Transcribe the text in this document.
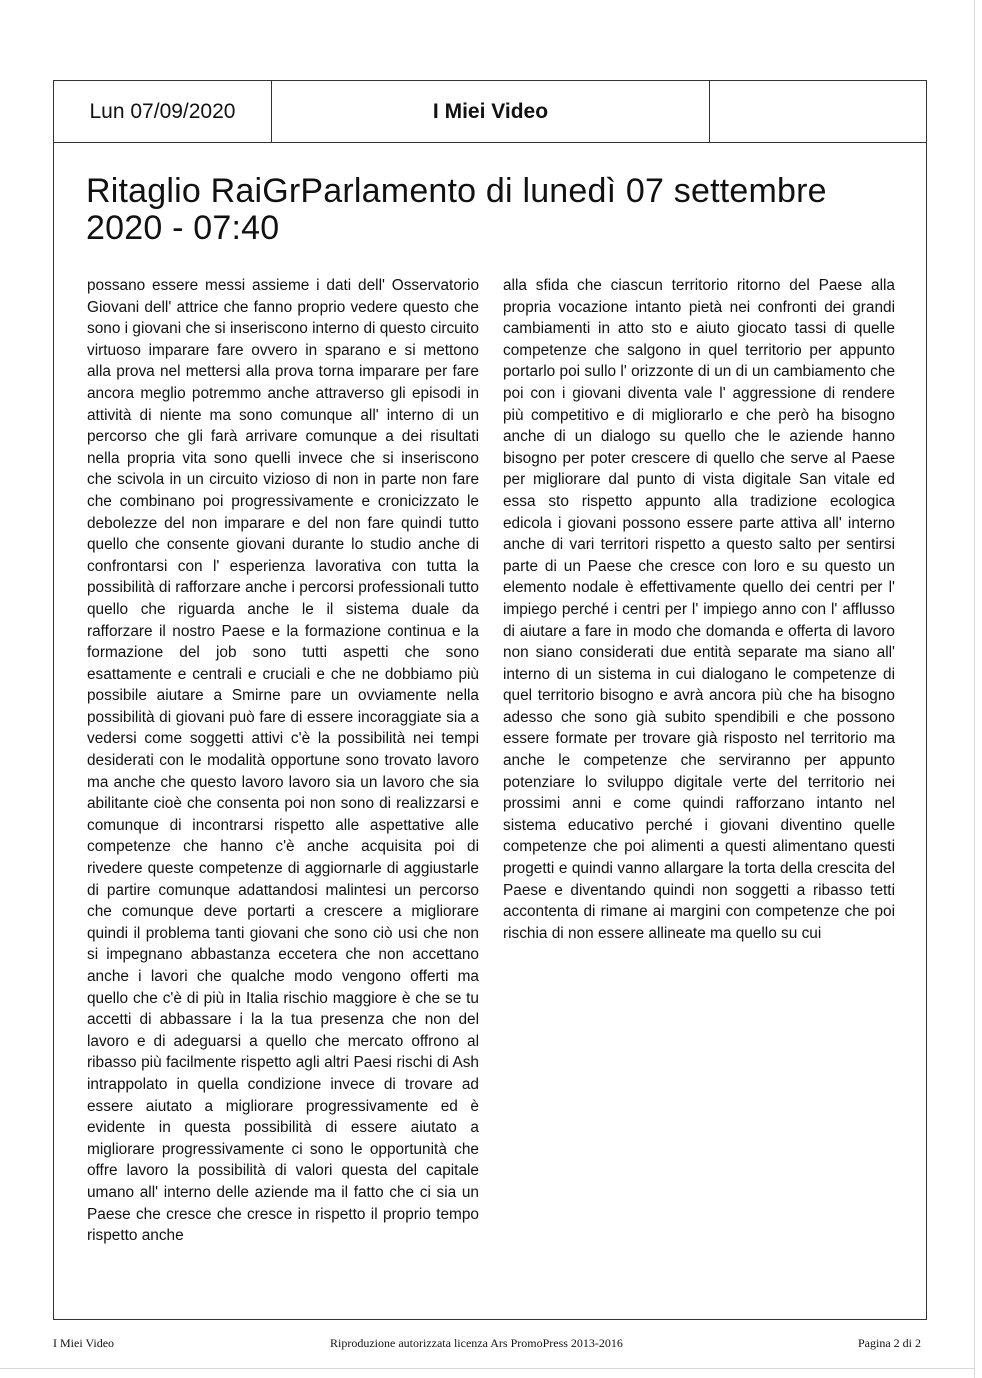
Lun 07/09/2020	I Miei Video
Ritaglio RaiGrParlamento di lunedì 07 settembre 2020 - 07:40

possano essere messi assieme i dati dell' Osservatorio Giovani dell' attrice che fanno proprio vedere questo che sono i giovani che si inseriscono interno di questo circuito virtuoso imparare fare ovvero in sparano e si mettono alla prova nel mettersi alla prova torna imparare per fare ancora meglio potremmo anche attraverso gli episodi in attività di niente ma sono comunque all' interno di un percorso che gli farà arrivare comunque a dei risultati nella propria vita sono quelli invece che si inseriscono che scivola in un circuito vizioso di non in parte non fare che combinano poi progressivamente e cronicizzato le debolezze del non imparare e del non fare quindi tutto quello che consente giovani durante lo studio anche di confrontarsi con l' esperienza lavorativa con tutta la possibilità di rafforzare anche i percorsi professionali tutto quello che riguarda anche le il sistema duale da rafforzare il nostro Paese e la formazione continua e la formazione del job sono tutti aspetti che sono esattamente e centrali e cruciali e che ne dobbiamo più possibile aiutare a Smirne pare un ovviamente nella possibilità di giovani può fare di essere incoraggiate sia a vedersi come soggetti attivi c'è la possibilità nei tempi desiderati con le modalità opportune sono trovato lavoro ma anche che questo lavoro lavoro sia un lavoro che sia abilitante cioè che consenta poi non sono di realizzarsi e comunque di incontrarsi rispetto alle aspettative alle competenze che hanno c'è anche acquisita poi di rivedere queste competenze di aggiornarle di aggiustarle di partire comunque adattandosi malintesi un percorso che comunque deve portarti a crescere a migliorare quindi il problema tanti giovani che sono ciò usi che non si impegnano abbastanza eccetera che non accettano anche i lavori che qualche modo vengono offerti ma quello che c'è di più in Italia rischio maggiore è che se tu accetti di abbassare i la la tua presenza che non del lavoro e di adeguarsi a quello che mercato offrono al ribasso più facilmente rispetto agli altri Paesi rischi di Ash intrappolato in quella condizione invece di trovare ad essere aiutato a migliorare progressivamente ed è evidente in questa possibilità di essere aiutato a migliorare progressivamente ci sono le opportunità che offre lavoro la possibilità di valori questa del capitale umano all' interno delle aziende ma il fatto che ci sia un Paese che cresce che cresce in rispetto il proprio tempo rispetto anche

alla sfida che ciascun territorio ritorno del Paese alla propria vocazione intanto pietà nei confronti dei grandi cambiamenti in atto sto e aiuto giocato tassi di quelle competenze che salgono in quel territorio per appunto portarlo poi sullo l' orizzonte di un di un cambiamento che poi con i giovani diventa vale l' aggressione di rendere più competitivo e di migliorarlo e che però ha bisogno anche di un dialogo su quello che le aziende hanno bisogno per poter crescere di quello che serve al Paese per migliorare dal punto di vista digitale San vitale ed essa sto rispetto appunto alla tradizione ecologica edicola i giovani possono essere parte attiva all' interno anche di vari territori rispetto a questo salto per sentirsi parte di un Paese che cresce con loro e su questo un elemento nodale è effettivamente quello dei centri per l' impiego perché i centri per l' impiego anno con l' afflusso di aiutare a fare in modo che domanda e offerta di lavoro non siano considerati due entità separate ma siano all' interno di un sistema in cui dialogano le competenze di quel territorio bisogno e avrà ancora più che ha bisogno adesso che sono già subito spendibili e che possono essere formate per trovare già risposto nel territorio ma anche le competenze che serviranno per appunto potenziare lo sviluppo digitale verte del territorio nei prossimi anni e come quindi rafforzano intanto nel sistema educativo perché i giovani diventino quelle competenze che poi alimenti a questi alimentano questi progetti e quindi vanno allargare la torta della crescita del Paese e diventando quindi non soggetti a ribasso tetti accontenta di rimane ai margini con competenze che poi rischia di non essere allineate ma quello su cui

I Miei Video	Riproduzione autorizzata licenza Ars PromoPress 2013-2016	Pagina 2 di 2
